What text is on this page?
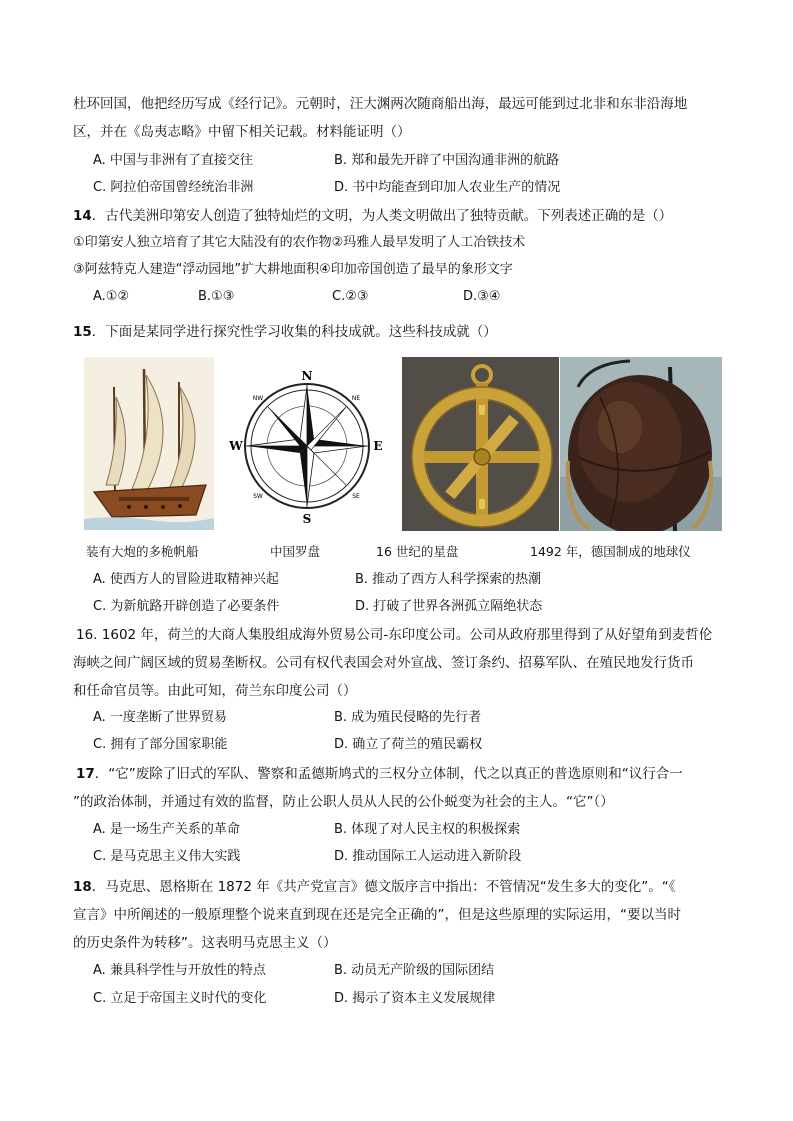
杜环回国，他把经历写成《经行记》。元朝时，汪大渊两次随商船出海，最远可能到过北非和东非沿海地
区，并在《岛夷志略》中留下相关记载。材料能证明（）
A. 中国与非洲有了直接交往	B. 郑和最先开辟了中国沟通非洲的航路
C. 阿拉伯帝国曾经统治非洲	D. 书中均能查到印加人农业生产的情况
14．古代美洲印第安人创造了独特灿烂的文明，为人类文明做出了独特贡献。下列表述正确的是（）
①印第安人独立培育了其它大陆没有的农作物②玛雅人最早发明了人工冶铁技术
③阿兹特克人建造“浮动园地”扩大耕地面积④印加帝国创造了最早的象形文字
A.①②	B.①③	C.②③	D.③④
15．下面是某同学进行探究性学习收集的科技成就。这些科技成就（）
N
S
E
W
NE
NW
SE
SW
装有大炮的多桅帆船	中国罗盘	16 世纪的星盘	1492 年，德国制成的地球仪
A. 使西方人的冒险进取精神兴起	B. 推动了西方人科学探索的热潮
C. 为新航路开辟创造了必要条件	D. 打破了世界各洲孤立隔绝状态
16. 1602 年，荷兰的大商人集股组成海外贸易公司-东印度公司。公司从政府那里得到了从好望角到麦哲伦
海峡之间广阔区域的贸易垄断权。公司有权代表国会对外宣战、签订条约、招募军队、在殖民地发行货币
和任命官员等。由此可知，荷兰东印度公司（）
A. 一度垄断了世界贸易	B. 成为殖民侵略的先行者
C. 拥有了部分国家职能	D. 确立了荷兰的殖民霸权
17．“它”废除了旧式的军队、警察和孟德斯鸠式的三权分立体制，代之以真正的普选原则和“议行合一
”的政治体制，并通过有效的监督，防止公职人员从人民的公仆蜕变为社会的主人。“它”（）
A. 是一场生产关系的革命	B. 体现了对人民主权的积极探索
C. 是马克思主义伟大实践	D. 推动国际工人运动进入新阶段
18．马克思、恩格斯在 1872 年《共产党宣言》德文版序言中指出：不管情况“发生多大的变化”。“《
宣言》中所阐述的一般原理整个说来直到现在还是完全正确的”，但是这些原理的实际运用，“要以当时
的历史条件为转移”。这表明马克思主义（）
A. 兼具科学性与开放性的特点	B. 动员无产阶级的国际团结
C. 立足于帝国主义时代的变化	D. 揭示了资本主义发展规律
